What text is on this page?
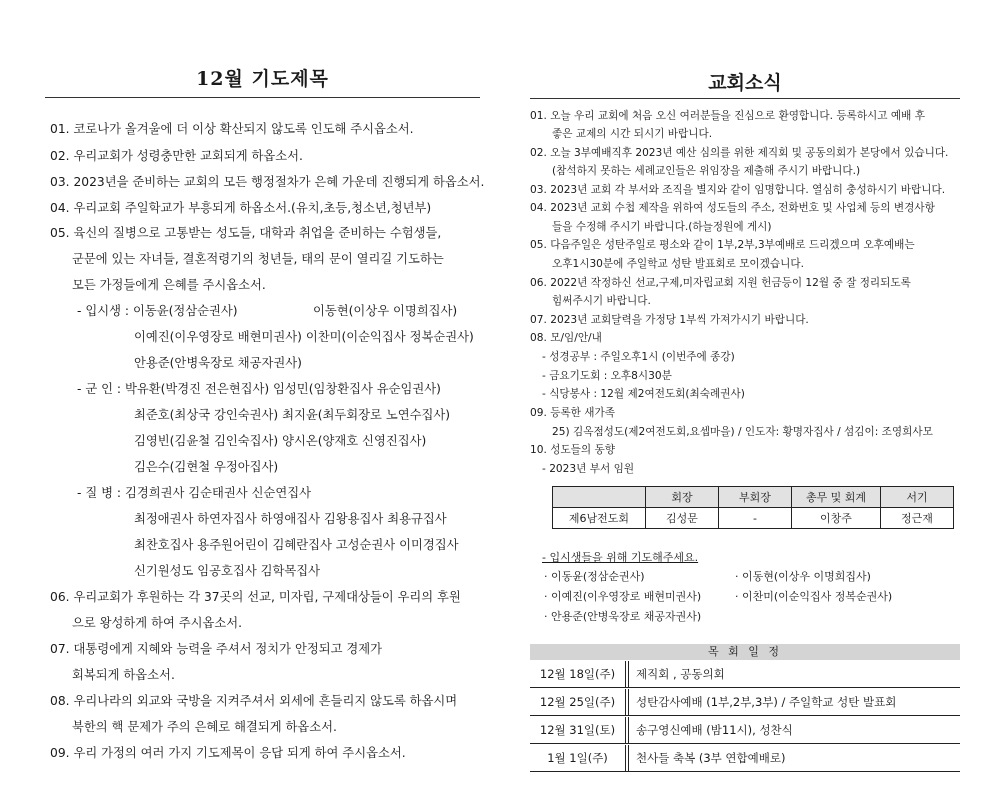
12월 기도제목
01. 코로나가 올겨울에 더 이상 확산되지 않도록 인도해 주시옵소서.
02. 우리교회가 성령충만한 교회되게 하옵소서.
03. 2023년을 준비하는 교회의 모든 행정절차가 은혜 가운데 진행되게 하옵소서.
04. 우리교회 주일학교가 부흥되게 하옵소서.(유치,초등,청소년,청년부)
05. 육신의 질병으로 고통받는 성도들, 대학과 취업을 준비하는 수험생들,
군문에 있는 자녀들, 결혼적령기의 청년들, 태의 문이 열리길 기도하는
모든 가정들에게 은혜를 주시옵소서.
- 입시생 : 이동윤(정삼순권사)	이동현(이상우 이명희집사)
이예진(이우영장로 배현미권사) 이찬미(이순익집사 정복순권사)
안용준(안병욱장로 채공자권사)
- 군 인 : 박유환(박경진 전은현집사) 임성민(임창환집사 유순임권사)
최준호(최상국 강인숙권사) 최지윤(최두회장로 노연수집사)
김영빈(김윤철 김인숙집사) 양시온(양재호 신영진집사)
김은수(김현철 우정아집사)
- 질 병 : 김경희권사 김순태권사 신순연집사
최정애권사 하연자집사 하영애집사 김왕용집사 최용규집사
최찬호집사 용주원어린이 김혜란집사 고성순권사 이미경집사
신기원성도 임공호집사 김학목집사
06. 우리교회가 후원하는 각 37곳의 선교, 미자립, 구제대상들이 우리의 후원
으로 왕성하게 하여 주시옵소서.
07. 대통령에게 지혜와 능력을 주셔서 정치가 안정되고 경제가
회복되게 하옵소서.
08. 우리나라의 외교와 국방을 지켜주셔서 외세에 흔들리지 않도록 하옵시며
북한의 핵 문제가 주의 은혜로 해결되게 하옵소서.
09. 우리 가정의 여러 가지 기도제목이 응답 되게 하여 주시옵소서.
교회소식
01. 오늘 우리 교회에 처음 오신 여러분들을 진심으로 환영합니다. 등록하시고 예배 후
좋은 교제의 시간 되시기 바랍니다.
02. 오늘 3부예배직후 2023년 예산 심의를 위한 제직회 및 공동의회가 본당에서 있습니다.
(참석하지 못하는 세례교인들은 위임장을 제출해 주시기 바랍니다.)
03. 2023년 교회 각 부서와 조직을 별지와 같이 임명합니다. 열심히 충성하시기 바랍니다.
04. 2023년 교회 수첩 제작을 위하여 성도들의 주소, 전화번호 및 사업체 등의 변경사항
들을 수정해 주시기 바랍니다.(하늘정원에 게시)
05. 다음주일은 성탄주일로 평소와 같이 1부,2부,3부예배로 드리겠으며 오후예배는
오후1시30분에 주일학교 성탄 발표회로 모이겠습니다.
06. 2022년 작정하신 선교,구제,미자립교회 지원 헌금등이 12월 중 잘 정리되도록
힘써주시기 바랍니다.
07. 2023년 교회달력을 가정당 1부씩 가져가시기 바랍니다.
08. 모/임/안/내
- 성경공부 : 주일오후1시 (이번주에 종강)
- 금요기도회 : 오후8시30분
- 식당봉사 : 12월 제2여전도회(최숙례권사)
09. 등록한 새가족
25) 김옥점성도(제2여전도회,요셉마을) / 인도자: 황명자집사 / 섬김이: 조영희사모
10. 성도들의 동향
- 2023년 부서 임원
	회장	부회장	총무 및 회계	서기
제6남전도회	김성문	-	이창주	정근재
- 입시생들을 위해 기도해주세요.
· 이동윤(정삼순권사)	· 이동현(이상우 이명희집사)
· 이예진(이우영장로 배현미권사)	· 이찬미(이순익집사 정복순권사)
· 안용준(안병욱장로 채공자권사)
목 회 일 정
12월 18일(주)	제직회 , 공동의회
12월 25일(주)	성탄감사예배 (1부,2부,3부) / 주일학교 성탄 발표회
12월 31일(토)	송구영신예배 (밤11시), 성찬식
1월 1일(주)	천사들 축복 (3부 연합예배로)
